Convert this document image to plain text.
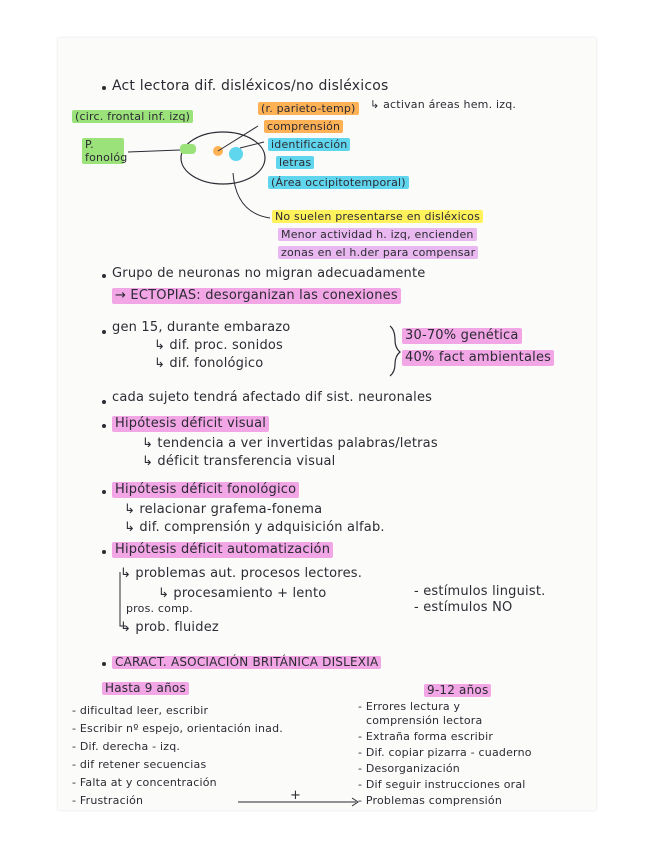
Act lectora dif. disléxicos/no disléxicos
(circ. frontal inf. izq)
(r. parieto-temp) ↳ activan áreas hem. izq.
comprensión
P. fonológ
identificación
letras
(Área occipitotemporal)
No suelen presentarse en disléxicos
Menor actividad h. izq, encienden
zonas en el h.der para compensar
Grupo de neuronas no migran adecuadamente
→ ECTOPIAS: desorganizan las conexiones
gen 15, durante embarazo
↳ dif. proc. sonidos
↳ dif. fonológico
30-70% genética
40% fact ambientales
cada sujeto tendrá afectado dif sist. neuronales
Hipótesis déficit visual
↳ tendencia a ver invertidas palabras/letras
↳ déficit transferencia visual
Hipótesis déficit fonológico
↳ relacionar grafema-fonema
↳ dif. comprensión y adquisición alfab.
Hipótesis déficit automatización
↳ problemas aut. procesos lectores.
↳ procesamiento + lento	- estímulos linguist.
- estímulos NO
pros. comp.
↳ prob. fluidez
CARACT. ASOCIACIÓN BRITÁNICA DISLEXIA
Hasta 9 años	9-12 años
- dificultad leer, escribir
- Escribir nº espejo, orientación inad.
- Dif. derecha - izq.
- dif retener secuencias
- Falta at y concentración
- Frustración	+
- Errores lectura y
comprensión lectora
- Extraña forma escribir
- Dif. copiar pizarra - cuaderno
- Desorganización
- Dif seguir instrucciones oral
- Problemas comprensión
